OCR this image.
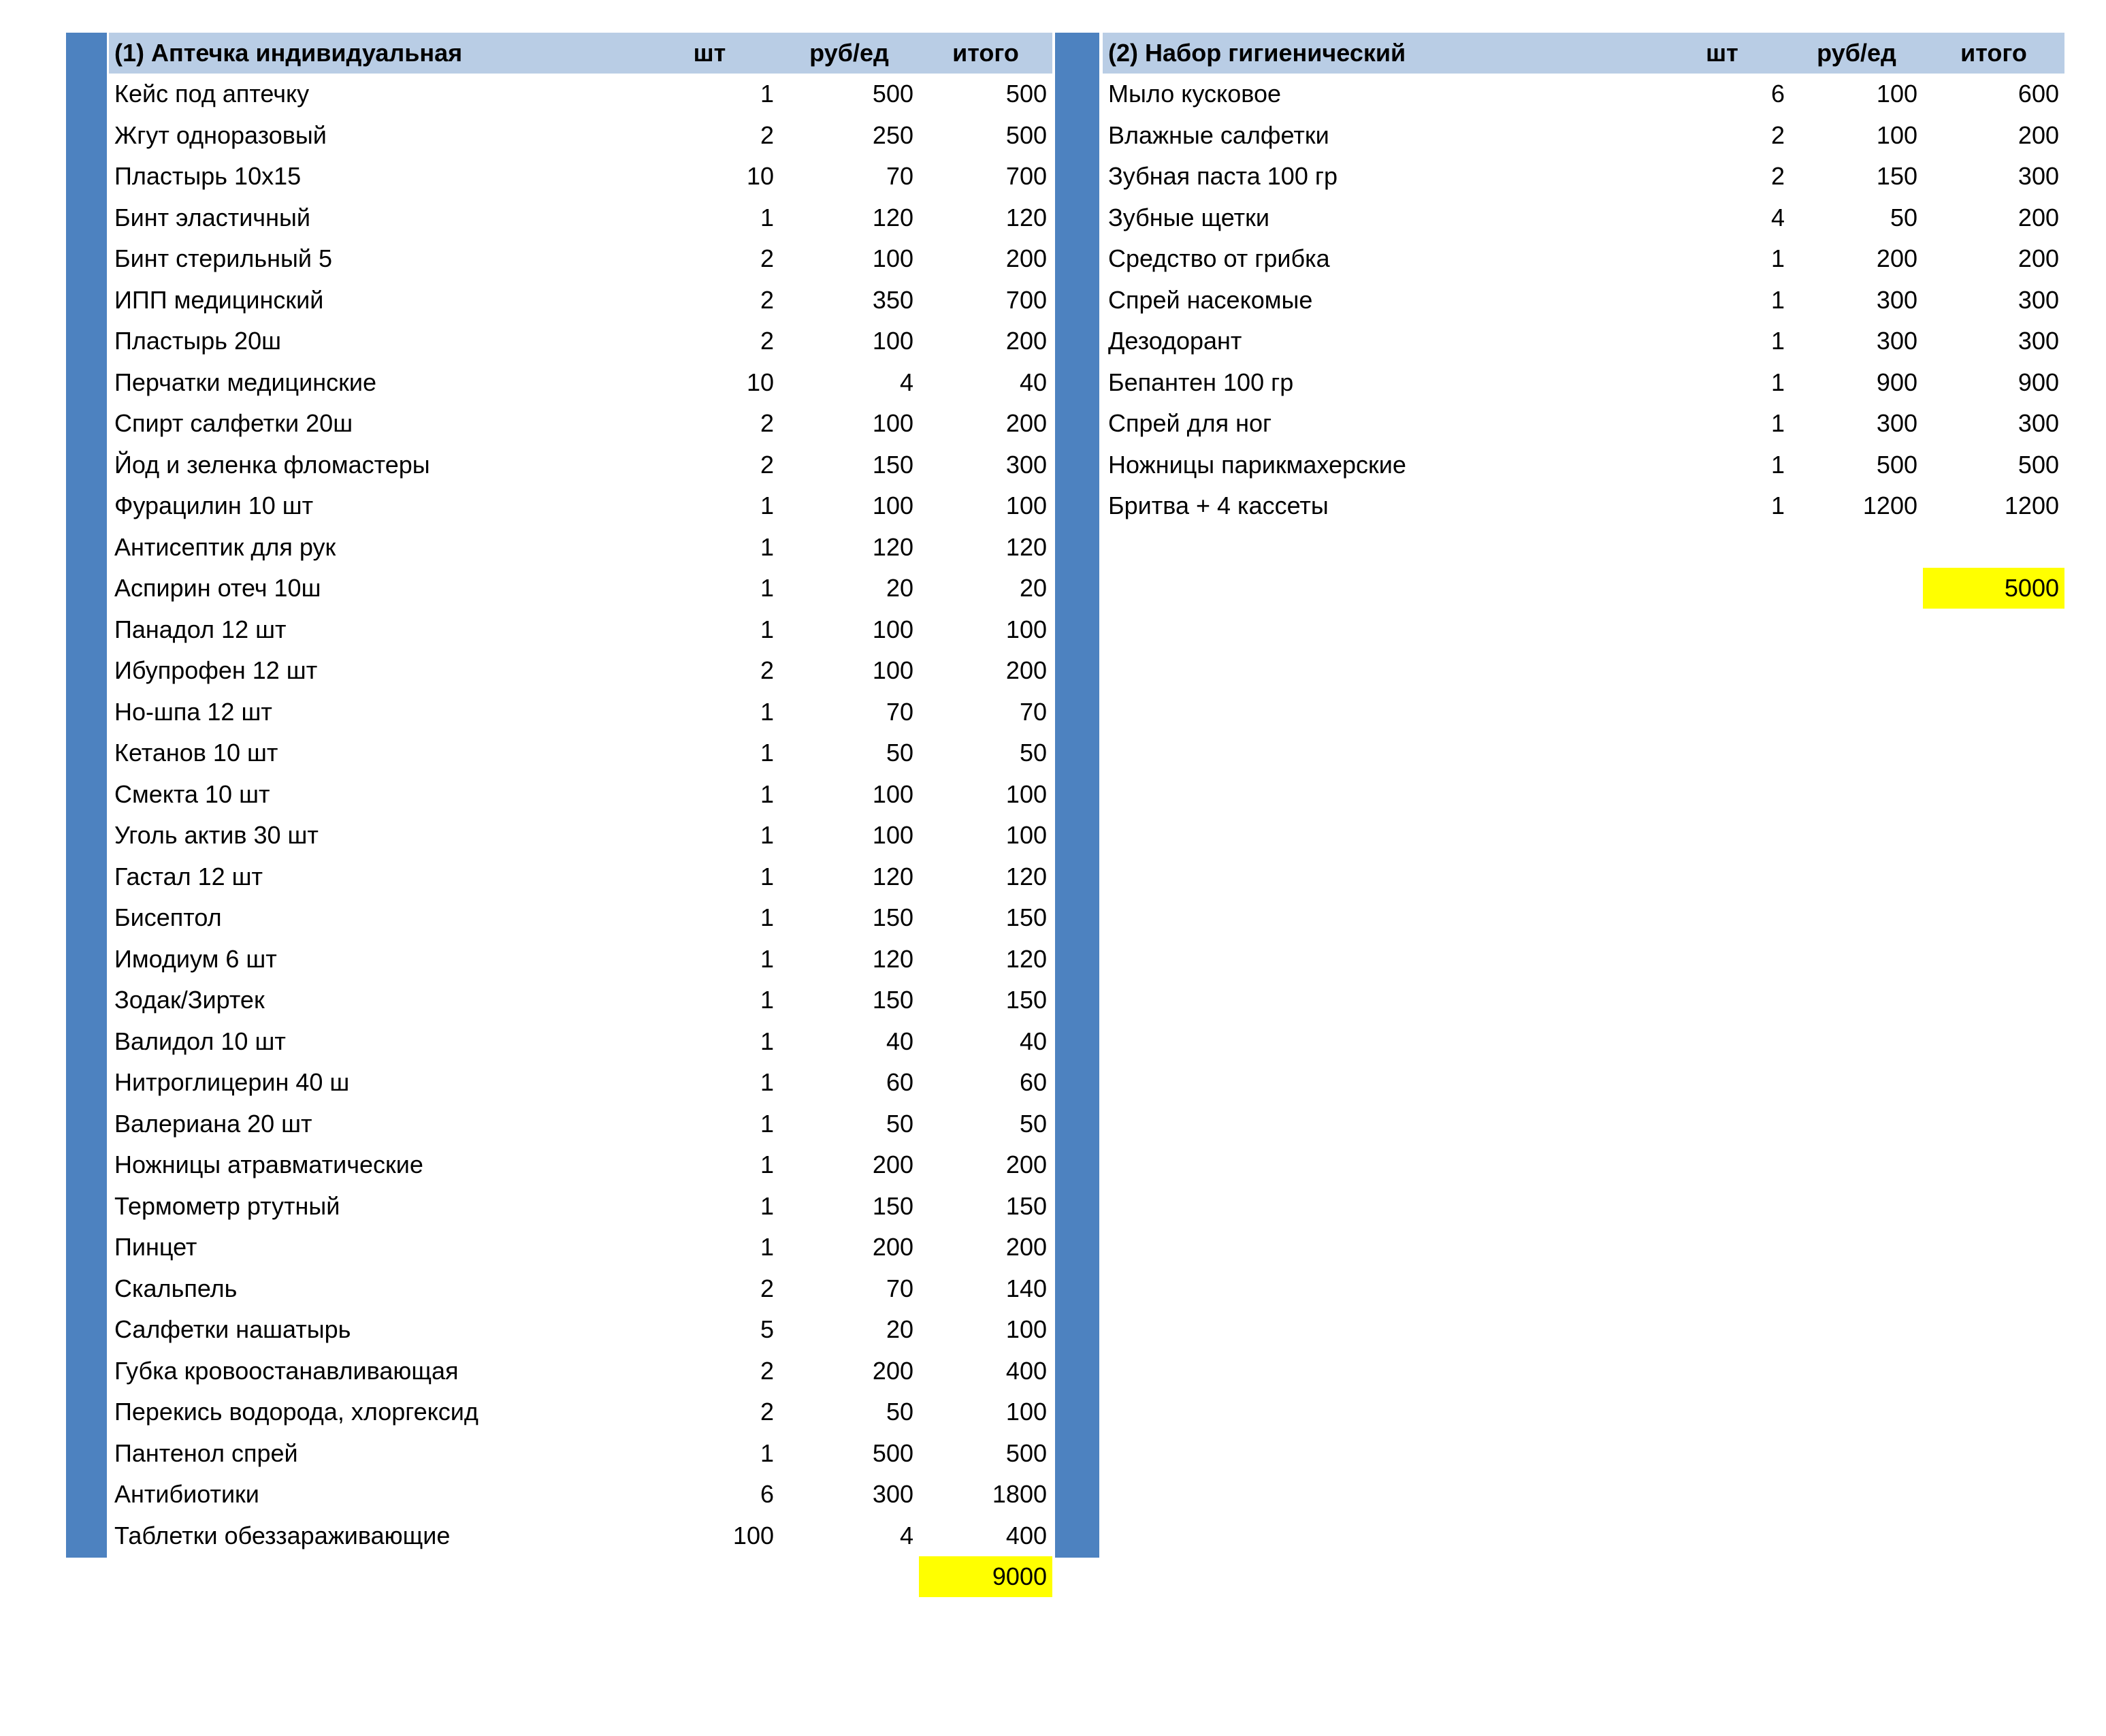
(1) Аптечка индивидуальная	шт	руб/ед	итого
Кейс под аптечку	1	500	500
Жгут одноразовый	2	250	500
Пластырь 10х15	10	70	700
Бинт эластичный	1	120	120
Бинт стерильный 5	2	100	200
ИПП медицинский	2	350	700
Пластырь 20ш	2	100	200
Перчатки медицинские	10	4	40
Спирт салфетки 20ш	2	100	200
Йод и зеленка фломастеры	2	150	300
Фурацилин 10 шт	1	100	100
Антисептик для рук	1	120	120
Аспирин отеч 10ш	1	20	20
Панадол 12 шт	1	100	100
Ибупрофен 12 шт	2	100	200
Но-шпа 12 шт	1	70	70
Кетанов 10 шт	1	50	50
Смекта 10 шт	1	100	100
Уголь актив 30 шт	1	100	100
Гастал 12 шт	1	120	120
Бисептол	1	150	150
Имодиум 6 шт	1	120	120
Зодак/Зиртек	1	150	150
Валидол 10 шт	1	40	40
Нитроглицерин 40 ш	1	60	60
Валериана 20 шт	1	50	50
Ножницы атравматические	1	200	200
Термометр ртутный	1	150	150
Пинцет	1	200	200
Скальпель	2	70	140
Салфетки нашатырь	5	20	100
Губка кровоостанавливающая	2	200	400
Перекись водорода, хлоргексид	2	50	100
Пантенол спрей	1	500	500
Антибиотики	6	300	1800
Таблетки обеззараживающие	100	4	400
9000
(2) Набор гигиенический	шт	руб/ед	итого
Мыло кусковое	6	100	600
Влажные салфетки	2	100	200
Зубная паста 100 гр	2	150	300
Зубные щетки	4	50	200
Средство от грибка	1	200	200
Спрей насекомые	1	300	300
Дезодорант	1	300	300
Бепантен 100 гр	1	900	900
Спрей для ног	1	300	300
Ножницы парикмахерские	1	500	500
Бритва + 4 кассеты	1	1200	1200
5000
